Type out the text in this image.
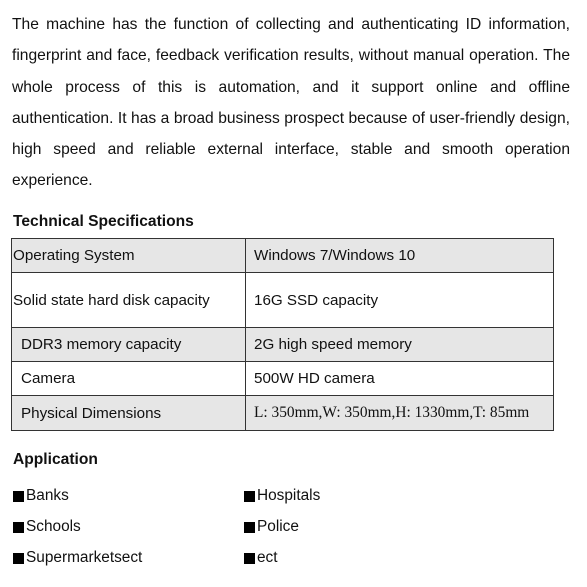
The machine has the function of collecting and authenticating ID information, fingerprint and face, feedback verification results, without manual operation. The whole process of this is automation, and it support online and offline authentication. It has a broad business prospect because of user-friendly design, high speed and reliable external interface, stable and smooth operation experience.

Technical Specifications
Operating System	Windows 7/Windows 10
Solid state hard disk capacity	16G SSD capacity
DDR3 memory capacity	2G high speed memory
Camera	500W HD camera
Physical Dimensions	L: 350mm,W: 350mm,H: 1330mm,T: 85mm
Application
Banks	Hospitals
Schools	Police
Supermarketsect	ect
